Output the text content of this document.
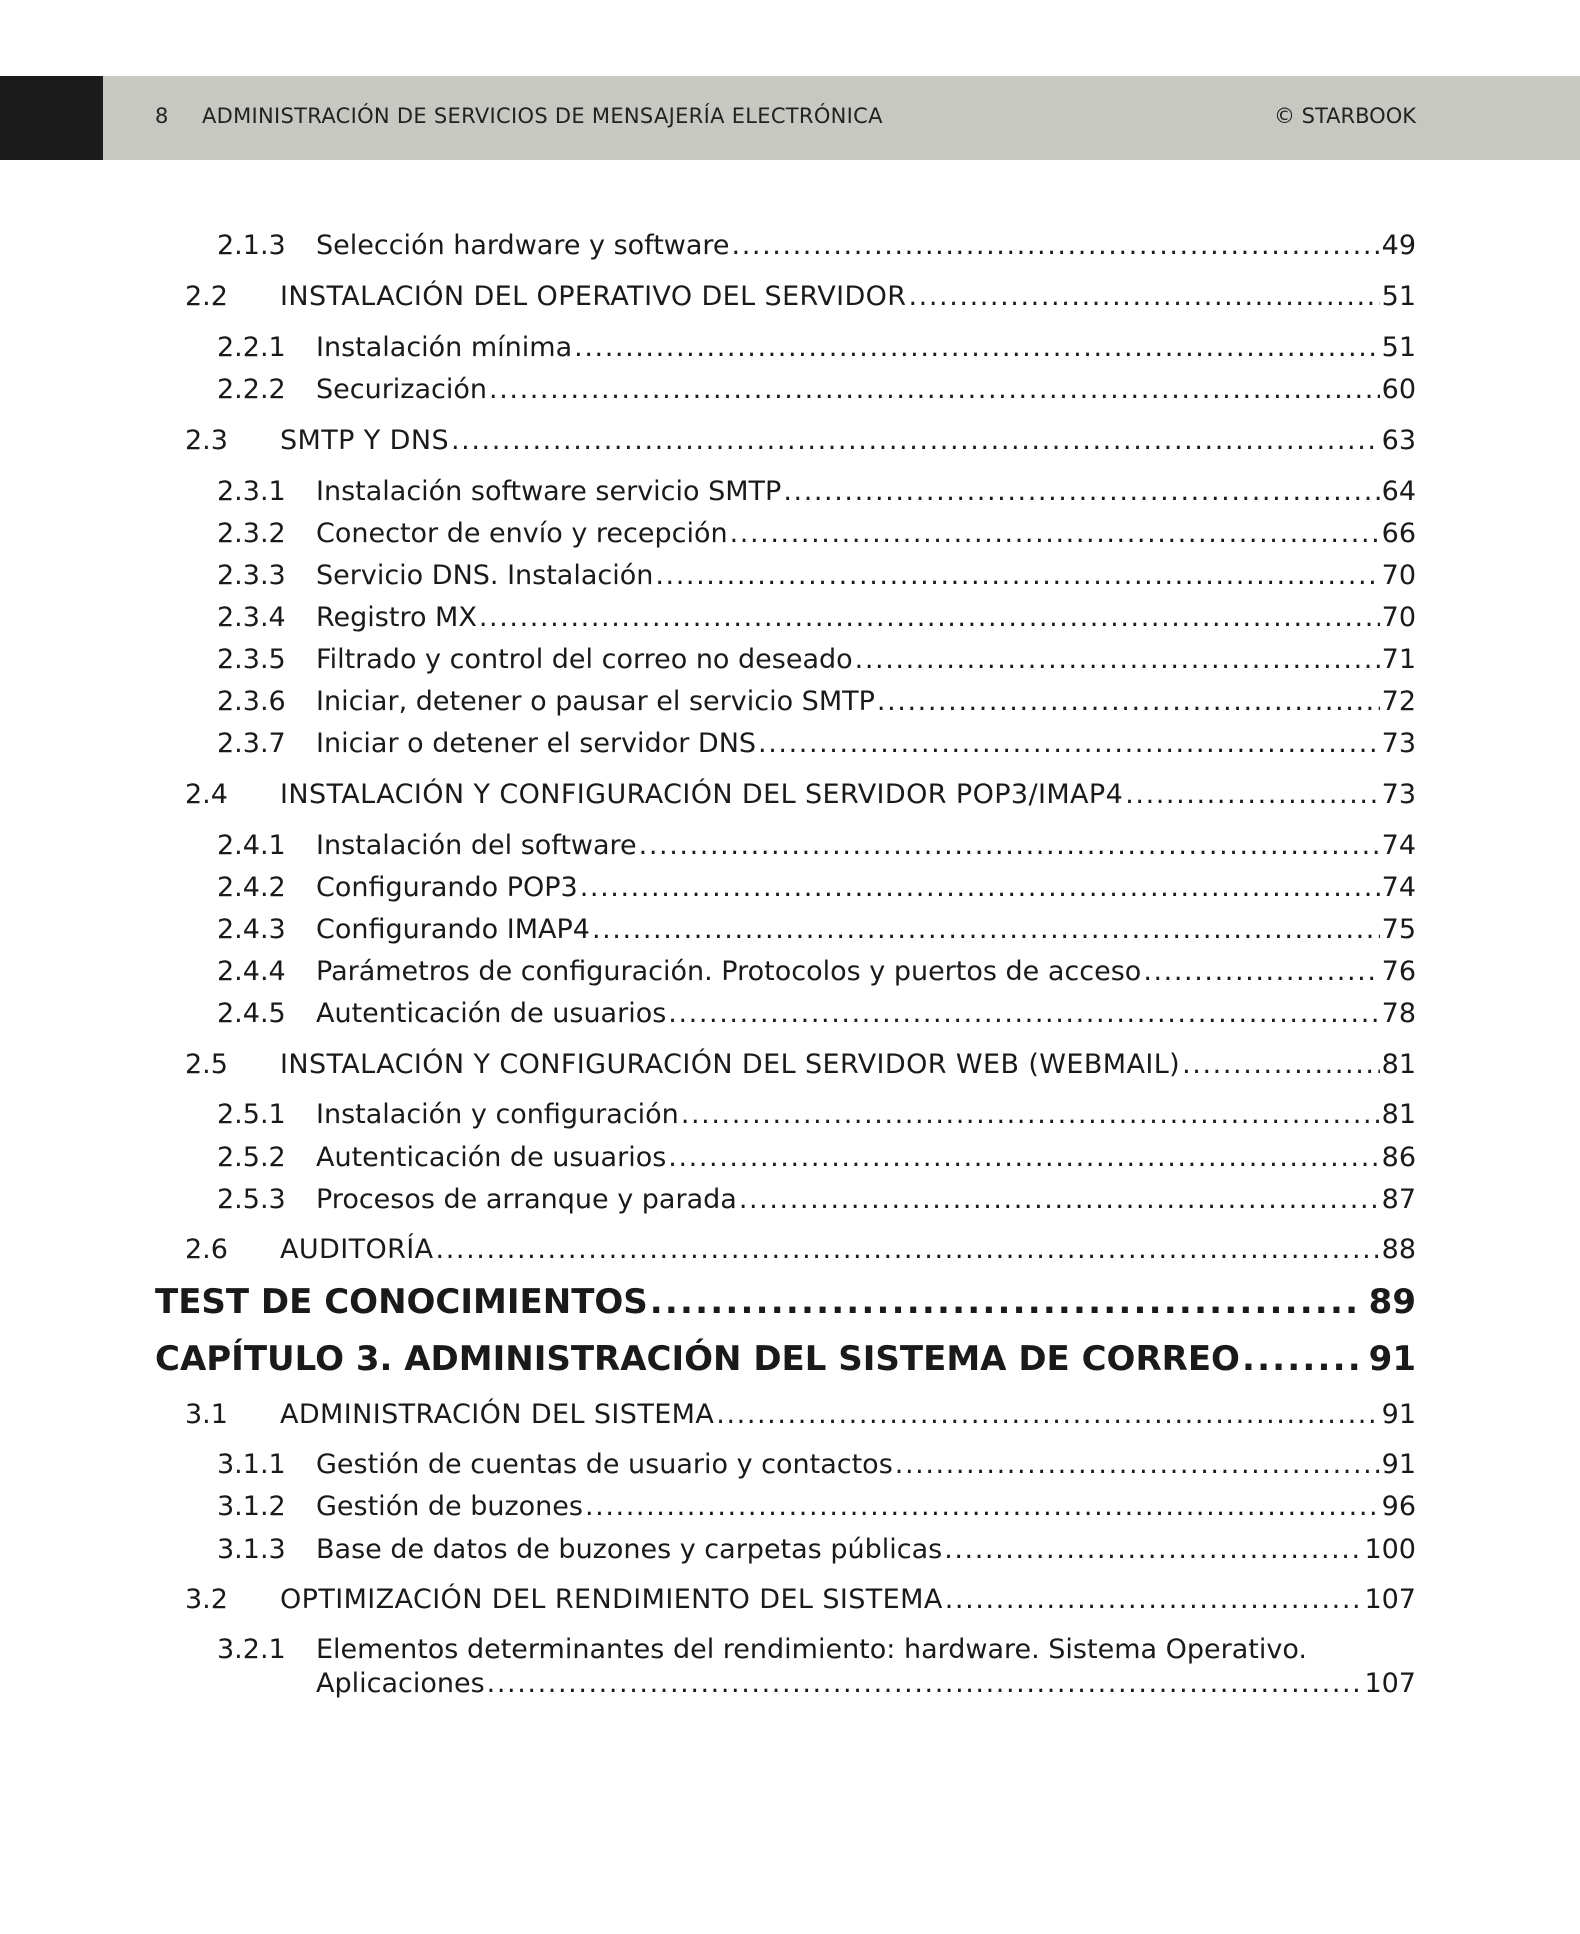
8 ADMINISTRACIÓN DE SERVICIOS DE MENSAJERÍA ELECTRÓNICA	© STARBOOK
2.1.3	Selección hardware y software .....	49
2.2	INSTALACIÓN DEL OPERATIVO DEL SERVIDOR .....	51
2.2.1	Instalación mínima .....	51
2.2.2	Securización .....	60
2.3	SMTP Y DNS .....	63
2.3.1	Instalación software servicio SMTP .....	64
2.3.2	Conector de envío y recepción .....	66
2.3.3	Servicio DNS. Instalación .....	70
2.3.4	Registro MX .....	70
2.3.5	Filtrado y control del correo no deseado .....	71
2.3.6	Iniciar, detener o pausar el servicio SMTP .....	72
2.3.7	Iniciar o detener el servidor DNS .....	73
2.4	INSTALACIÓN Y CONFIGURACIÓN DEL SERVIDOR POP3/IMAP4 .....	73
2.4.1	Instalación del software .....	74
2.4.2	Configurando POP3 .....	74
2.4.3	Configurando IMAP4 .....	75
2.4.4	Parámetros de configuración. Protocolos y puertos de acceso .....	76
2.4.5	Autenticación de usuarios .....	78
2.5	INSTALACIÓN Y CONFIGURACIÓN DEL SERVIDOR WEB (WEBMAIL) .....	81
2.5.1	Instalación y configuración .....	81
2.5.2	Autenticación de usuarios .....	86
2.5.3	Procesos de arranque y parada .....	87
2.6	AUDITORÍA .....	88
TEST DE CONOCIMIENTOS .....	89
CAPÍTULO 3. ADMINISTRACIÓN DEL SISTEMA DE CORREO .....	91
3.1	ADMINISTRACIÓN DEL SISTEMA .....	91
3.1.1	Gestión de cuentas de usuario y contactos .....	91
3.1.2	Gestión de buzones .....	96
3.1.3	Base de datos de buzones y carpetas públicas .....	100
3.2	OPTIMIZACIÓN DEL RENDIMIENTO DEL SISTEMA .....	107
3.2.1	Elementos determinantes del rendimiento: hardware. Sistema Operativo.
Aplicaciones .....	107
